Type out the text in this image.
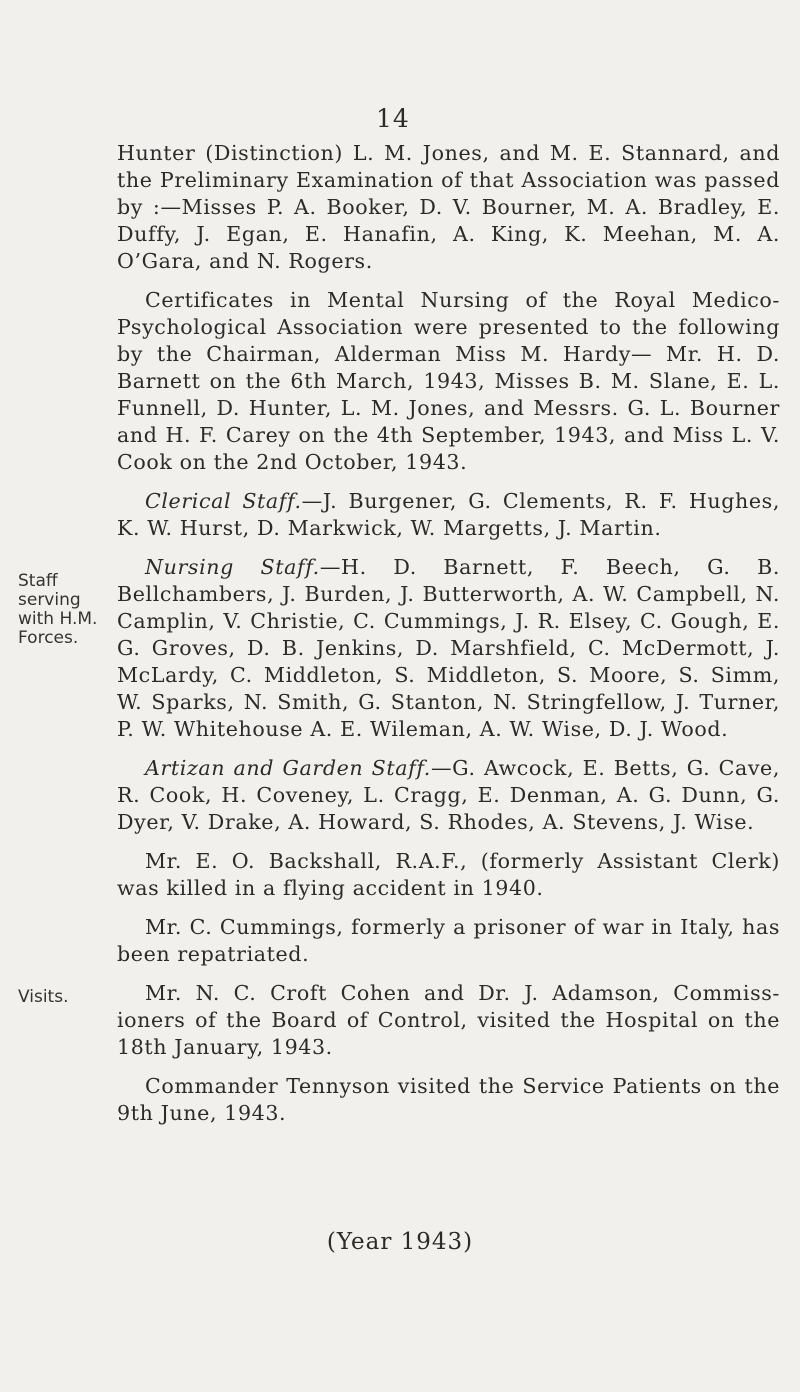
14
Staff serving with H.M. Forces.
Visits.

Hunter (Distinction) L. M. Jones, and M. E. Stannard, and the Preliminary Examination of that Association was passed by :—Misses P. A. Booker, D. V. Bourner, M. A. Bradley, E. Duffy, J. Egan, E. Hanafin, A. King, K. Meehan, M. A. O’Gara, and N. Rogers.

Certificates in Mental Nursing of the Royal Medico-Psychological Association were presented to the following by the Chairman, Alderman Miss M. Hardy— Mr. H. D. Barnett on the 6th March, 1943, Misses B. M. Slane, E. L. Funnell, D. Hunter, L. M. Jones, and Messrs. G. L. Bourner and H. F. Carey on the 4th September, 1943, and Miss L. V. Cook on the 2nd October, 1943.

Clerical Staff.—J. Burgener, G. Clements, R. F. Hughes, K. W. Hurst, D. Markwick, W. Margetts, J. Martin.

Nursing Staff.—H. D. Barnett, F. Beech, G. B. Bellchambers, J. Burden, J. Butterworth, A. W. Campbell, N. Camplin, V. Christie, C. Cummings, J. R. Elsey, C. Gough, E. G. Groves, D. B. Jenkins, D. Marshfield, C. McDermott, J. McLardy, C. Middleton, S. Middleton, S. Moore, S. Simm, W. Sparks, N. Smith, G. Stanton, N. Stringfellow, J. Turner, P. W. Whitehouse A. E. Wileman, A. W. Wise, D. J. Wood.

Artizan and Garden Staff.—G. Awcock, E. Betts, G. Cave, R. Cook, H. Coveney, L. Cragg, E. Denman, A. G. Dunn, G. Dyer, V. Drake, A. Howard, S. Rhodes, A. Stevens, J. Wise.

Mr. E. O. Backshall, R.A.F., (formerly Assistant Clerk) was killed in a flying accident in 1940.

Mr. C. Cummings, formerly a prisoner of war in Italy, has been repatriated.

Mr. N. C. Croft Cohen and Dr. J. Adamson, Commiss-ioners of the Board of Control, visited the Hospital on the 18th January, 1943.

Commander Tennyson visited the Service Patients on the 9th June, 1943.

(Year 1943)
